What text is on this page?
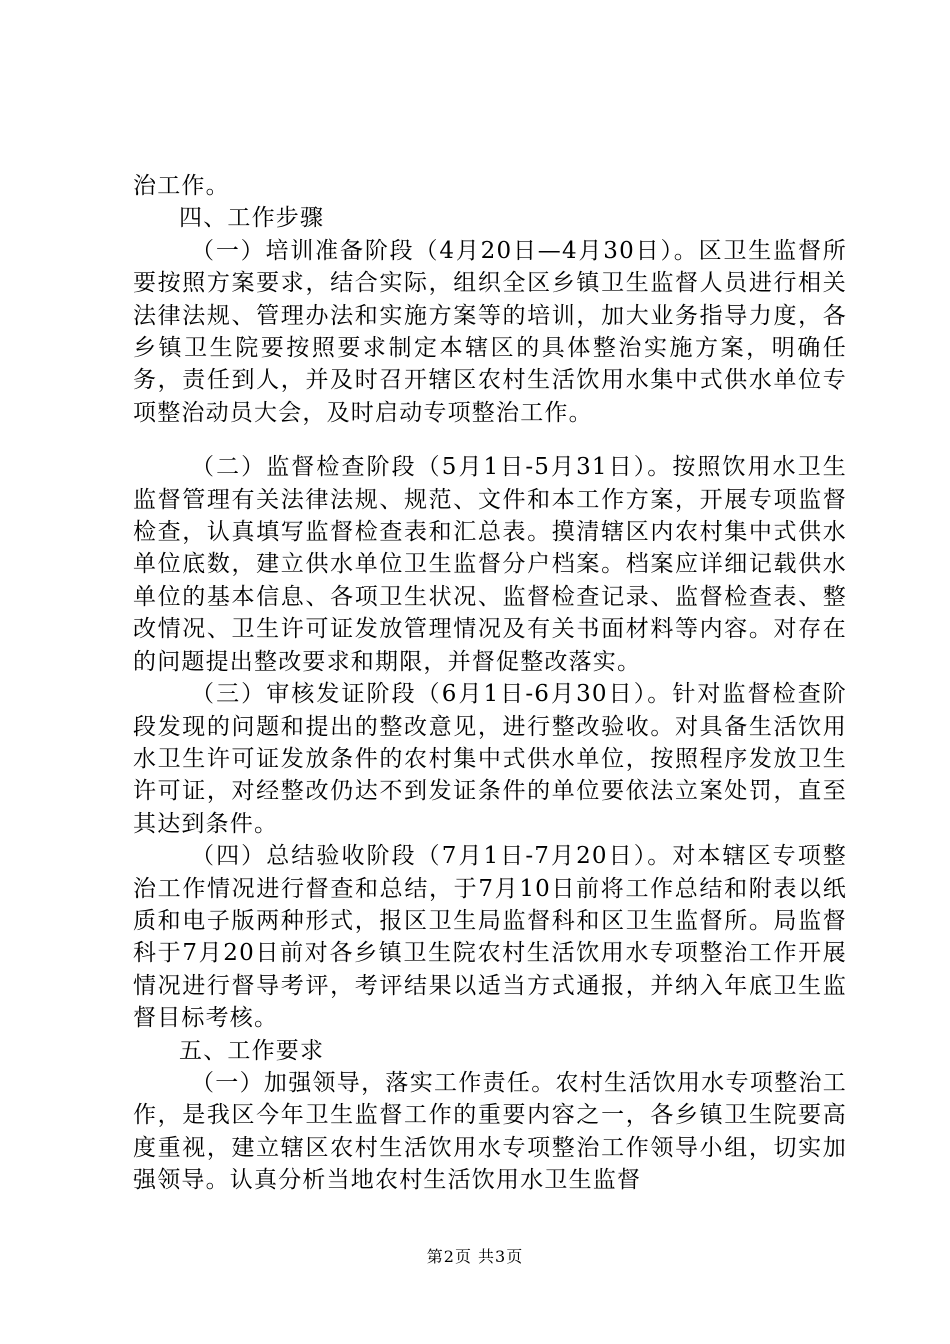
治工作。

四、工作步骤

（一）培训准备阶段（4月20日—4月30日）。区卫生监督所要按照方案要求，结合实际，组织全区乡镇卫生监督人员进行相关法律法规、管理办法和实施方案等的培训，加大业务指导力度，各乡镇卫生院要按照要求制定本辖区的具体整治实施方案，明确任务，责任到人，并及时召开辖区农村生活饮用水集中式供水单位专项整治动员大会，及时启动专项整治工作。

（二）监督检查阶段（5月1日-5月31日）。按照饮用水卫生监督管理有关法律法规、规范、文件和本工作方案，开展专项监督检查，认真填写监督检查表和汇总表。摸清辖区内农村集中式供水单位底数，建立供水单位卫生监督分户档案。档案应详细记载供水单位的基本信息、各项卫生状况、监督检查记录、监督检查表、整改情况、卫生许可证发放管理情况及有关书面材料等内容。对存在的问题提出整改要求和期限，并督促整改落实。

（三）审核发证阶段（6月1日-6月30日）。针对监督检查阶段发现的问题和提出的整改意见，进行整改验收。对具备生活饮用水卫生许可证发放条件的农村集中式供水单位，按照程序发放卫生许可证，对经整改仍达不到发证条件的单位要依法立案处罚，直至其达到条件。

（四）总结验收阶段（7月1日-7月20日）。对本辖区专项整治工作情况进行督查和总结，于7月10日前将工作总结和附表以纸质和电子版两种形式，报区卫生局监督科和区卫生监督所。局监督科于7月20日前对各乡镇卫生院农村生活饮用水专项整治工作开展情况进行督导考评，考评结果以适当方式通报，并纳入年底卫生监督目标考核。

五、工作要求

（一）加强领导，落实工作责任。农村生活饮用水专项整治工作，是我区今年卫生监督工作的重要内容之一，各乡镇卫生院要高度重视，建立辖区农村生活饮用水专项整治工作领导小组，切实加强领导。认真分析当地农村生活饮用水卫生监督

第2页 共3页
